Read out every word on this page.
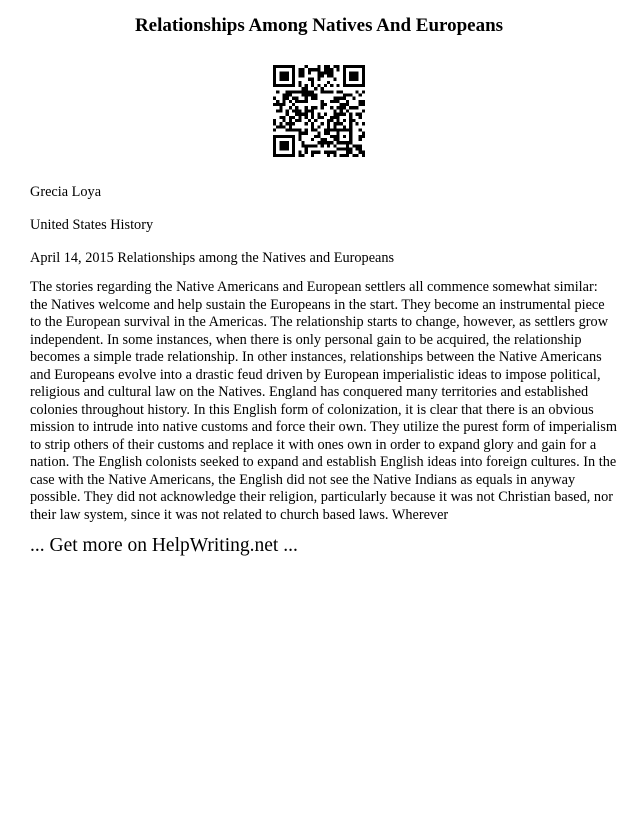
Relationships Among Natives And Europeans
Grecia Loya
United States History
April 14, 2015 Relationships among the Natives and Europeans
The stories regarding the Native Americans and European settlers all commence somewhat similar:
the Natives welcome and help sustain the Europeans in the start. They become an instrumental piece
to the European survival in the Americas. The relationship starts to change, however, as settlers grow
independent. In some instances, when there is only personal gain to be acquired, the relationship
becomes a simple trade relationship. In other instances, relationships between the Native Americans
and Europeans evolve into a drastic feud driven by European imperialistic ideas to impose political,
religious and cultural law on the Natives. England has conquered many territories and established
colonies throughout history. In this English form of colonization, it is clear that there is an obvious
mission to intrude into native customs and force their own. They utilize the purest form of imperialism
to strip others of their customs and replace it with ones own in order to expand glory and gain for a
nation. The English colonists seeked to expand and establish English ideas into foreign cultures. In the
case with the Native Americans, the English did not see the Native Indians as equals in anyway
possible. They did not acknowledge their religion, particularly because it was not Christian based, nor
their law system, since it was not related to church based laws. Wherever
... Get more on HelpWriting.net ...
